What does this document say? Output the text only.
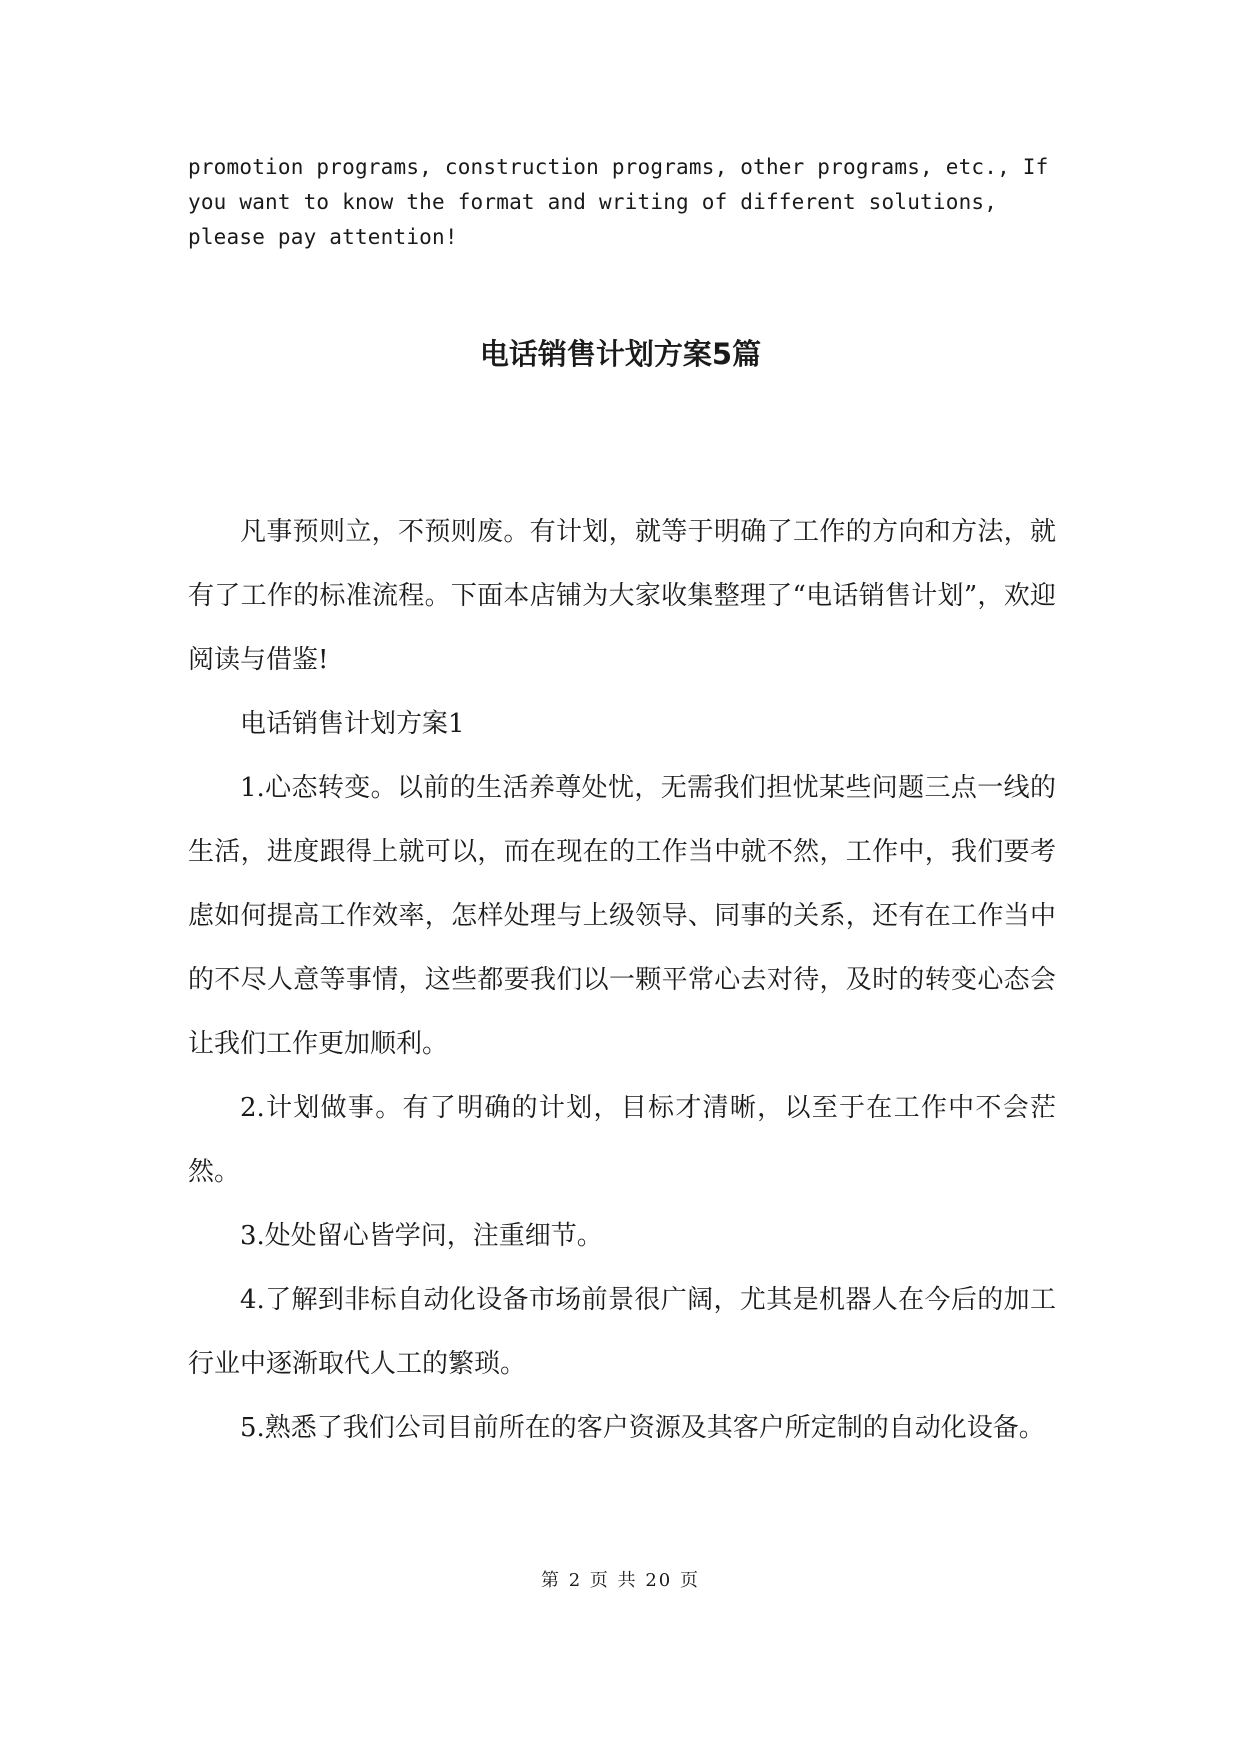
promotion programs, construction programs, other programs, etc., If
you want to know the format and writing of different solutions,
please pay attention!

电话销售计划方案5篇

凡事预则立，不预则废。有计划，就等于明确了工作的方向和方法，就有了工作的标准流程。下面本店铺为大家收集整理了“电话销售计划”，欢迎阅读与借鉴!

电话销售计划方案1

1.心态转变。以前的生活养尊处忧，无需我们担忧某些问题三点一线的生活，进度跟得上就可以，而在现在的工作当中就不然，工作中，我们要考虑如何提高工作效率，怎样处理与上级领导、同事的关系，还有在工作当中的不尽人意等事情，这些都要我们以一颗平常心去对待，及时的转变心态会让我们工作更加顺利。

2.计划做事。有了明确的计划，目标才清晰，以至于在工作中不会茫然。

3.处处留心皆学问，注重细节。

4.了解到非标自动化设备市场前景很广阔，尤其是机器人在今后的加工行业中逐渐取代人工的繁琐。

5.熟悉了我们公司目前所在的客户资源及其客户所定制的自动化设备。

第 2 页 共 20 页
